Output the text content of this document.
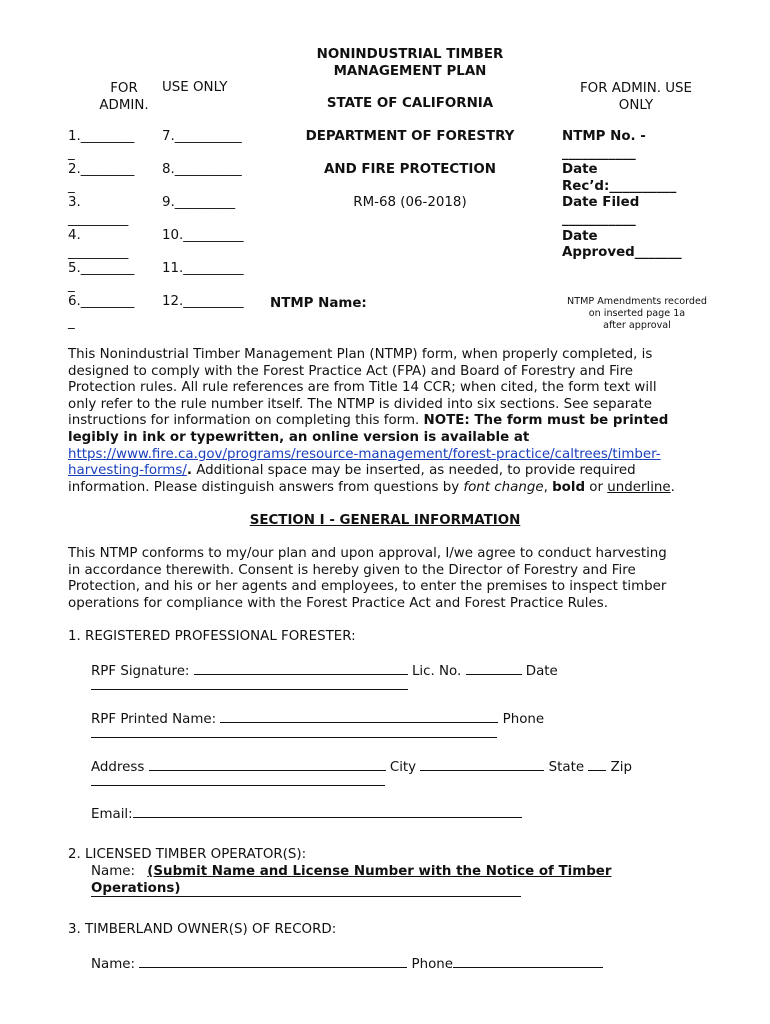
NONINDUSTRIAL TIMBER
MANAGEMENT PLAN
STATE OF CALIFORNIA
DEPARTMENT OF FORESTRY
AND FIRE PROTECTION
RM-68 (06-2018)
NTMP Name:
FOR
ADMIN.
USE ONLY
1.________
_
2.________
_
3.
_________
4.
_________
5.________
_
6.________
_
7.__________
8.__________
9._________
10._________
11._________
12._________
FOR ADMIN. USE
ONLY
NTMP No. -
___________
Date
Rec’d:__________
Date Filed
___________
Date
Approved_______
NTMP Amendments recorded
on inserted page 1a
after approval
This Nonindustrial Timber Management Plan (NTMP) form, when properly completed, is
designed to comply with the Forest Practice Act (FPA) and Board of Forestry and Fire
Protection rules. All rule references are from Title 14 CCR; when cited, the form text will
only refer to the rule number itself. The NTMP is divided into six sections. See separate
instructions for information on completing this form. NOTE: The form must be printed
legibly in ink or typewritten, an online version is available at
https://www.fire.ca.gov/programs/resource-management/forest-practice/caltrees/timber-
harvesting-forms/. Additional space may be inserted, as needed, to provide required
information. Please distinguish answers from questions by font change, bold or underline.
SECTION I - GENERAL INFORMATION
This NTMP conforms to my/our plan and upon approval, I/we agree to conduct harvesting
in accordance therewith. Consent is hereby given to the Director of Forestry and Fire
Protection, and his or her agents and employees, to enter the premises to inspect timber
operations for compliance with the Forest Practice Act and Forest Practice Rules.
1. REGISTERED PROFESSIONAL FORESTER:
RPF Signature:	Lic. No.	Date
RPF Printed Name:	Phone
Address	City	State  Zip
Email:
2. LICENSED TIMBER OPERATOR(S):
Name: (Submit Name and License Number with the Notice of Timber
Operations)
3. TIMBERLAND OWNER(S) OF RECORD:
Name:	Phone
